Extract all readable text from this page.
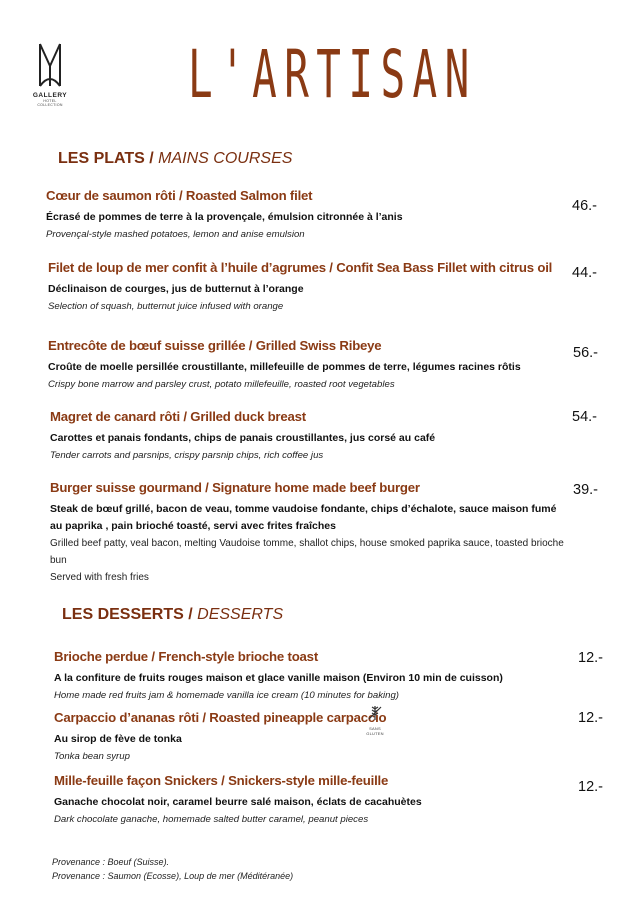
GALLERY
HOTEL
COLLECTION L'ARTISAN
LES PLATS / MAINS COURSES
Cœur de saumon rôti / Roasted Salmon filet
Écrasé de pommes de terre à la provençale, émulsion citronnée à l’anis
Provençal-style mashed potatoes, lemon and anise emulsion
46.-
Filet de loup de mer confit à l’huile d’agrumes / Confit Sea Bass Fillet with citrus oil
Déclinaison de courges, jus de butternut à l’orange
Selection of squash, butternut juice infused with orange
44.-
Entrecôte de bœuf suisse grillée / Grilled Swiss Ribeye
Croûte de moelle persillée croustillante, millefeuille de pommes de terre, légumes racines rôtis
Crispy bone marrow and parsley crust, potato millefeuille, roasted root vegetables
56.-
Magret de canard rôti / Grilled duck breast
Carottes et panais fondants, chips de panais croustillantes, jus corsé au café
Tender carrots and parsnips, crispy parsnip chips, rich coffee jus
54.-
Burger suisse gourmand / Signature home made beef burger
Steak de bœuf grillé, bacon de veau, tomme vaudoise fondante, chips d’échalote, sauce maison fumé au paprika , pain brioché toasté, servi avec frites fraîches
Grilled beef patty, veal bacon, melting Vaudoise tomme, shallot chips, house smoked paprika sauce, toasted brioche bun
Served with fresh fries
39.-
LES DESSERTS / DESSERTS
Brioche perdue / French-style brioche toast
A la confiture de fruits rouges maison et glace vanille maison (Environ 10 min de cuisson)
Home made red fruits jam & homemade vanilla ice cream (10 minutes for baking)
12.-
Carpaccio d’ananas rôti / Roasted pineapple carpaccio
Au sirop de fève de tonka
Tonka bean syrup
SANS GLUTEN
12.-
Mille-feuille façon Snickers / Snickers-style mille-feuille
Ganache chocolat noir, caramel beurre salé maison, éclats de cacahuètes
Dark chocolate ganache, homemade salted butter caramel, peanut pieces
12.-
Provenance : Boeuf (Suisse).
Provenance : Saumon (Ecosse), Loup de mer (Méditéranée)
